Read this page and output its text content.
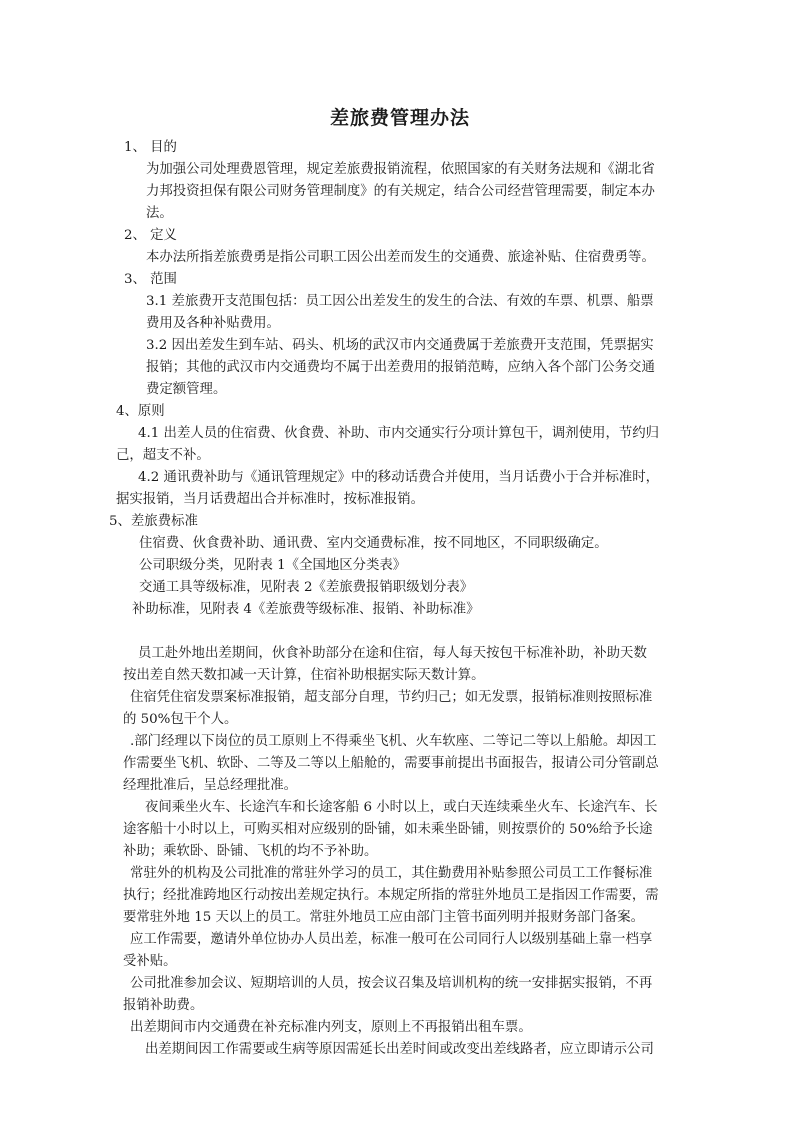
差旅费管理办法
1、 目的
为加强公司处理费恩管理，规定差旅费报销流程，依照国家的有关财务法规和《湖北省
力邦投资担保有限公司财务管理制度》的有关规定，结合公司经营管理需要，制定本办
法。
2、 定义
本办法所指差旅费勇是指公司职工因公出差而发生的交通费、旅途补贴、住宿费勇等。
3、 范围
3.1 差旅费开支范围包括：员工因公出差发生的发生的合法、有效的车票、机票、船票
费用及各种补贴费用。
3.2 因出差发生到车站、码头、机场的武汉市内交通费属于差旅费开支范围，凭票据实
报销；其他的武汉市内交通费均不属于出差费用的报销范畴，应纳入各个部门公务交通
费定额管理。
4、原则
4.1 出差人员的住宿费、伙食费、补助、市内交通实行分项计算包干，调剂使用，节约归
己，超支不补。
4.2 通讯费补助与《通讯管理规定》中的移动话费合并使用，当月话费小于合并标准时，
据实报销，当月话费超出合并标准时，按标准报销。
5、差旅费标准
住宿费、伙食费补助、通讯费、室内交通费标准，按不同地区，不同职级确定。
公司职级分类，见附表 1《全国地区分类表》
交通工具等级标准，见附表 2《差旅费报销职级划分表》
补助标准，见附表 4《差旅费等级标准、报销、补助标准》
员工赴外地出差期间，伙食补助部分在途和住宿，每人每天按包干标准补助，补助天数
按出差自然天数扣减一天计算，住宿补助根据实际天数计算。
住宿凭住宿发票案标准报销，超支部分自理，节约归己；如无发票，报销标准则按照标准
的 50%包干个人。
.部门经理以下岗位的员工原则上不得乘坐飞机、火车软座、二等记二等以上船舱。却因工
作需要坐飞机、软卧、二等及二等以上船舱的，需要事前提出书面报告，报请公司分管副总
经理批准后，呈总经理批准。
夜间乘坐火车、长途汽车和长途客船 6 小时以上，或白天连续乘坐火车、长途汽车、长
途客船十小时以上，可购买相对应级别的卧铺，如未乘坐卧铺，则按票价的 50%给予长途
补助；乘软卧、卧铺、飞机的均不予补助。
常驻外的机构及公司批准的常驻外学习的员工，其住勤费用补贴参照公司员工工作餐标准
执行；经批准跨地区行动按出差规定执行。本规定所指的常驻外地员工是指因工作需要，需
要常驻外地 15 天以上的员工。常驻外地员工应由部门主管书面列明并报财务部门备案。
应工作需要，邀请外单位协办人员出差，标准一般可在公司同行人以级别基础上靠一档享
受补贴。
公司批准参加会议、短期培训的人员，按会议召集及培训机构的统一安排据实报销，不再
报销补助费。
出差期间市内交通费在补充标准内列支，原则上不再报销出租车票。
出差期间因工作需要或生病等原因需延长出差时间或改变出差线路者，应立即请示公司
